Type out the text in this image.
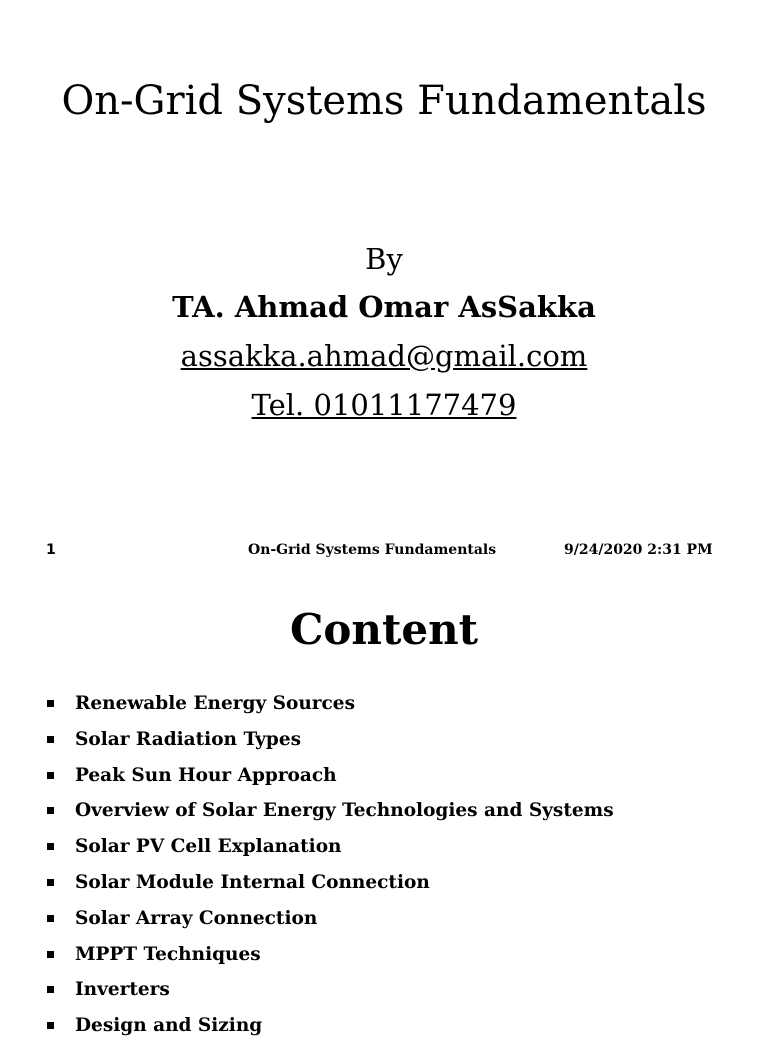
On-Grid Systems Fundamentals
By
TA. Ahmad Omar AsSakka
assakka.ahmad@gmail.com
Tel. 01011177479
1	On-Grid Systems Fundamentals	9/24/2020 2:31 PM
Content
Renewable Energy Sources
Solar Radiation Types
Peak Sun Hour Approach
Overview of Solar Energy Technologies and Systems
Solar PV Cell Explanation
Solar Module Internal Connection
Solar Array Connection
MPPT Techniques
Inverters
Design and Sizing
